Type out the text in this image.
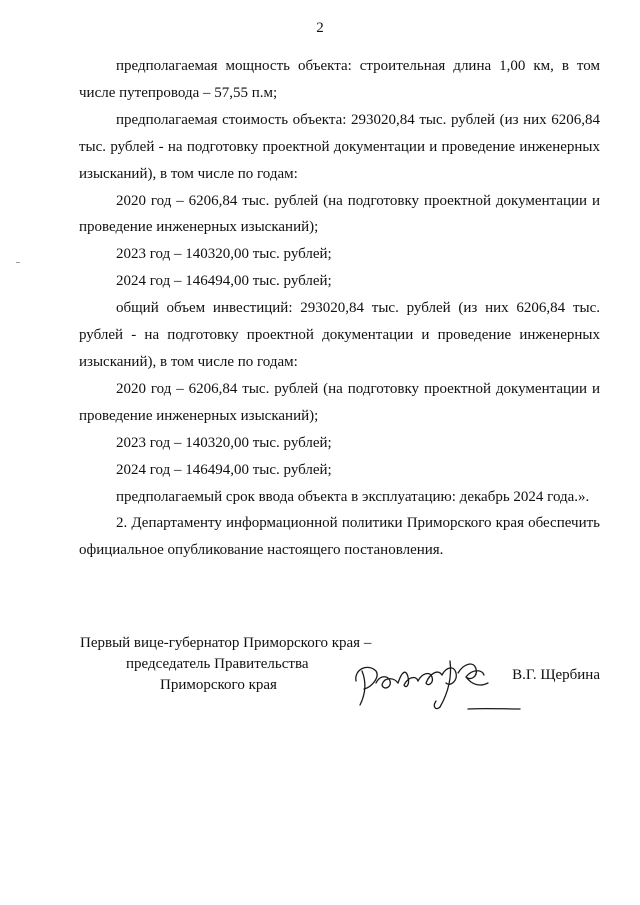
2

предполагаемая мощность объекта: строительная длина 1,00 км, в том числе путепровода – 57,55 п.м;

предполагаемая стоимость объекта: 293020,84 тыс. рублей (из них 6206,84 тыс. рублей - на подготовку проектной документации и проведение инженерных изысканий), в том числе по годам:

2020 год – 6206,84 тыс. рублей (на подготовку проектной документации и проведение инженерных изысканий);

2023 год – 140320,00 тыс. рублей;

2024 год – 146494,00 тыс. рублей;

общий объем инвестиций: 293020,84 тыс. рублей (из них 6206,84 тыс. рублей - на подготовку проектной документации и проведение инженерных изысканий), в том числе по годам:

2020 год – 6206,84 тыс. рублей (на подготовку проектной документации и проведение инженерных изысканий);

2023 год – 140320,00 тыс. рублей;

2024 год – 146494,00 тыс. рублей;

предполагаемый срок ввода объекта в эксплуатацию: декабрь 2024 года.».

2. Департаменту информационной политики Приморского края обеспечить официальное опубликование настоящего постановления.

Первый вице-губернатор Приморского края –
председатель Правительства
Приморского края
В.Г. Щербина
